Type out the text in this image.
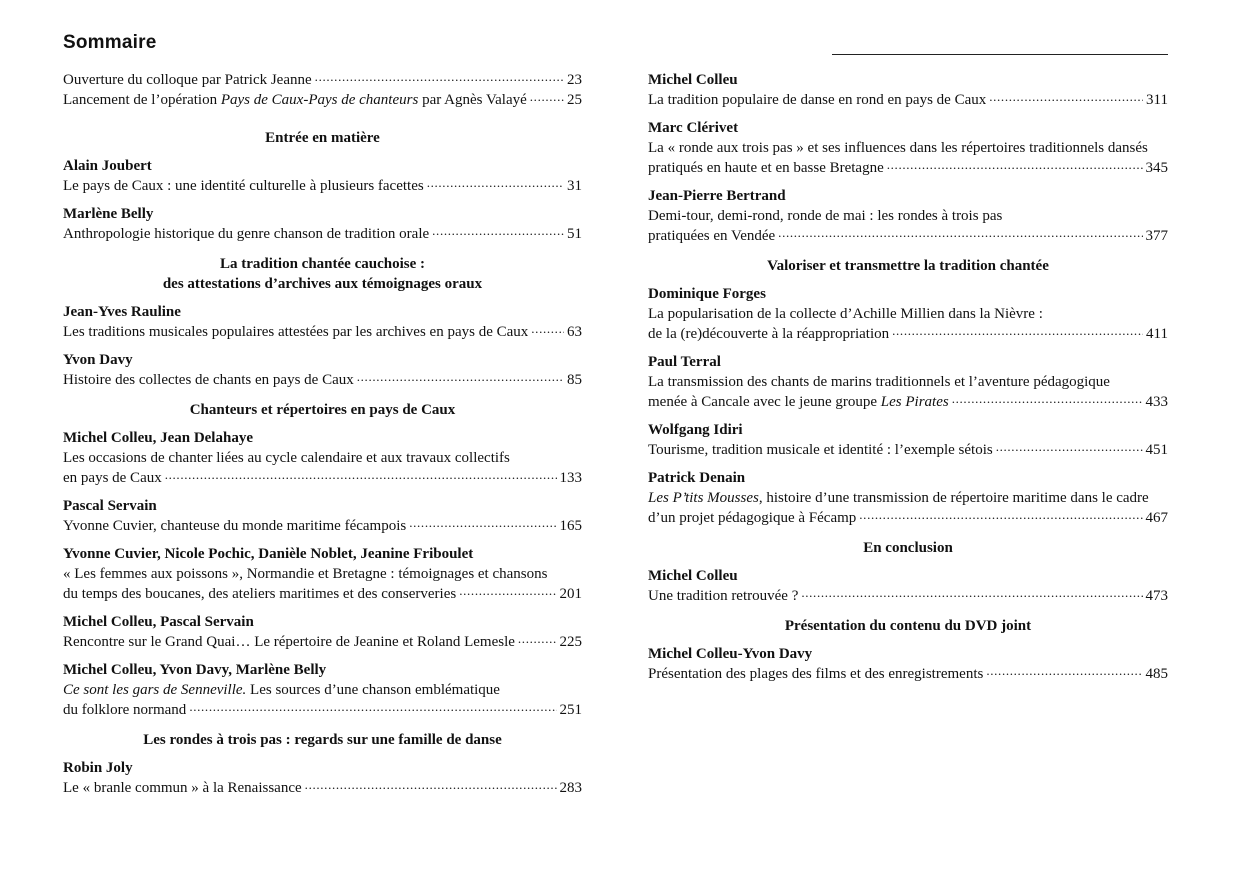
Sommaire
Ouverture du colloque par Patrick Jeanne . . .	23
Lancement de l’opération Pays de Caux-Pays de chanteurs par Agnès Valayé . . .	25
Entrée en matière
Alain Joubert
Le pays de Caux : une identité culturelle à plusieurs facettes . . .	31
Marlène Belly
Anthropologie historique du genre chanson de tradition orale . . .	51
La tradition chantée cauchoise :
des attestations d’archives aux témoignages oraux
Jean-Yves Rauline
Les traditions musicales populaires attestées par les archives en pays de Caux . . .	63
Yvon Davy
Histoire des collectes de chants en pays de Caux . . .	85
Chanteurs et répertoires en pays de Caux
Michel Colleu, Jean Delahaye
Les occasions de chanter liées au cycle calendaire et aux travaux collectifs
en pays de Caux . . .	133
Pascal Servain
Yvonne Cuvier, chanteuse du monde maritime fécampois . . .	165
Yvonne Cuvier, Nicole Pochic, Danièle Noblet, Jeanine Friboulet
« Les femmes aux poissons », Normandie et Bretagne : témoignages et chansons
du temps des boucanes, des ateliers maritimes et des conserveries . . .	201
Michel Colleu, Pascal Servain
Rencontre sur le Grand Quai… Le répertoire de Jeanine et Roland Lemesle . . .	225
Michel Colleu, Yvon Davy, Marlène Belly
Ce sont les gars de Senneville. Les sources d’une chanson emblématique
du folklore normand . . .	251
Les rondes à trois pas : regards sur une famille de danse
Robin Joly
Le « branle commun » à la Renaissance . . .	283
Michel Colleu
La tradition populaire de danse en rond en pays de Caux . . .	311
Marc Clérivet
La « ronde aux trois pas » et ses influences dans les répertoires traditionnels dansés
pratiqués en haute et en basse Bretagne . . .	345
Jean-Pierre Bertrand
Demi-tour, demi-rond, ronde de mai : les rondes à trois pas
pratiquées en Vendée . . .	377
Valoriser et transmettre la tradition chantée
Dominique Forges
La popularisation de la collecte d’Achille Millien dans la Nièvre :
de la (re)découverte à la réappropriation . . .	411
Paul Terral
La transmission des chants de marins traditionnels et l’aventure pédagogique
menée à Cancale avec le jeune groupe Les Pirates . . .	433
Wolfgang Idiri
Tourisme, tradition musicale et identité : l’exemple sétois . . .	451
Patrick Denain
Les P’tits Mousses, histoire d’une transmission de répertoire maritime dans le cadre
d’un projet pédagogique à Fécamp . . .	467
En conclusion
Michel Colleu
Une tradition retrouvée ? . . .	473
Présentation du contenu du DVD joint
Michel Colleu-Yvon Davy
Présentation des plages des films et des enregistrements . . .	485
